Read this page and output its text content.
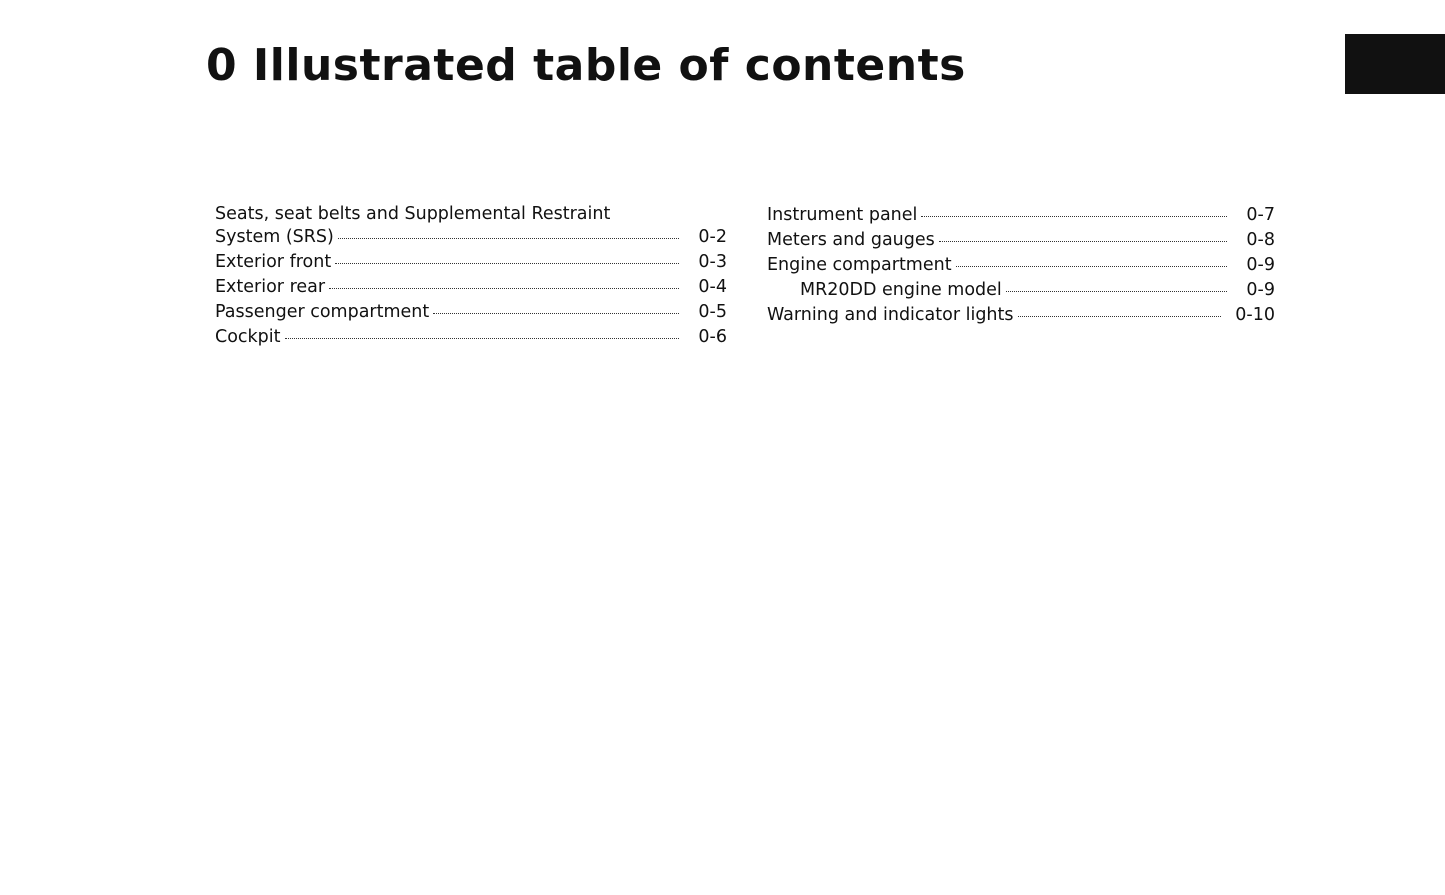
0 Illustrated table of contents
Seats, seat belts and Supplemental Restraint
System (SRS)	0-2
Exterior front	0-3
Exterior rear	0-4
Passenger compartment	0-5
Cockpit	0-6
Instrument panel	0-7
Meters and gauges	0-8
Engine compartment	0-9
MR20DD engine model	0-9
Warning and indicator lights	0-10
